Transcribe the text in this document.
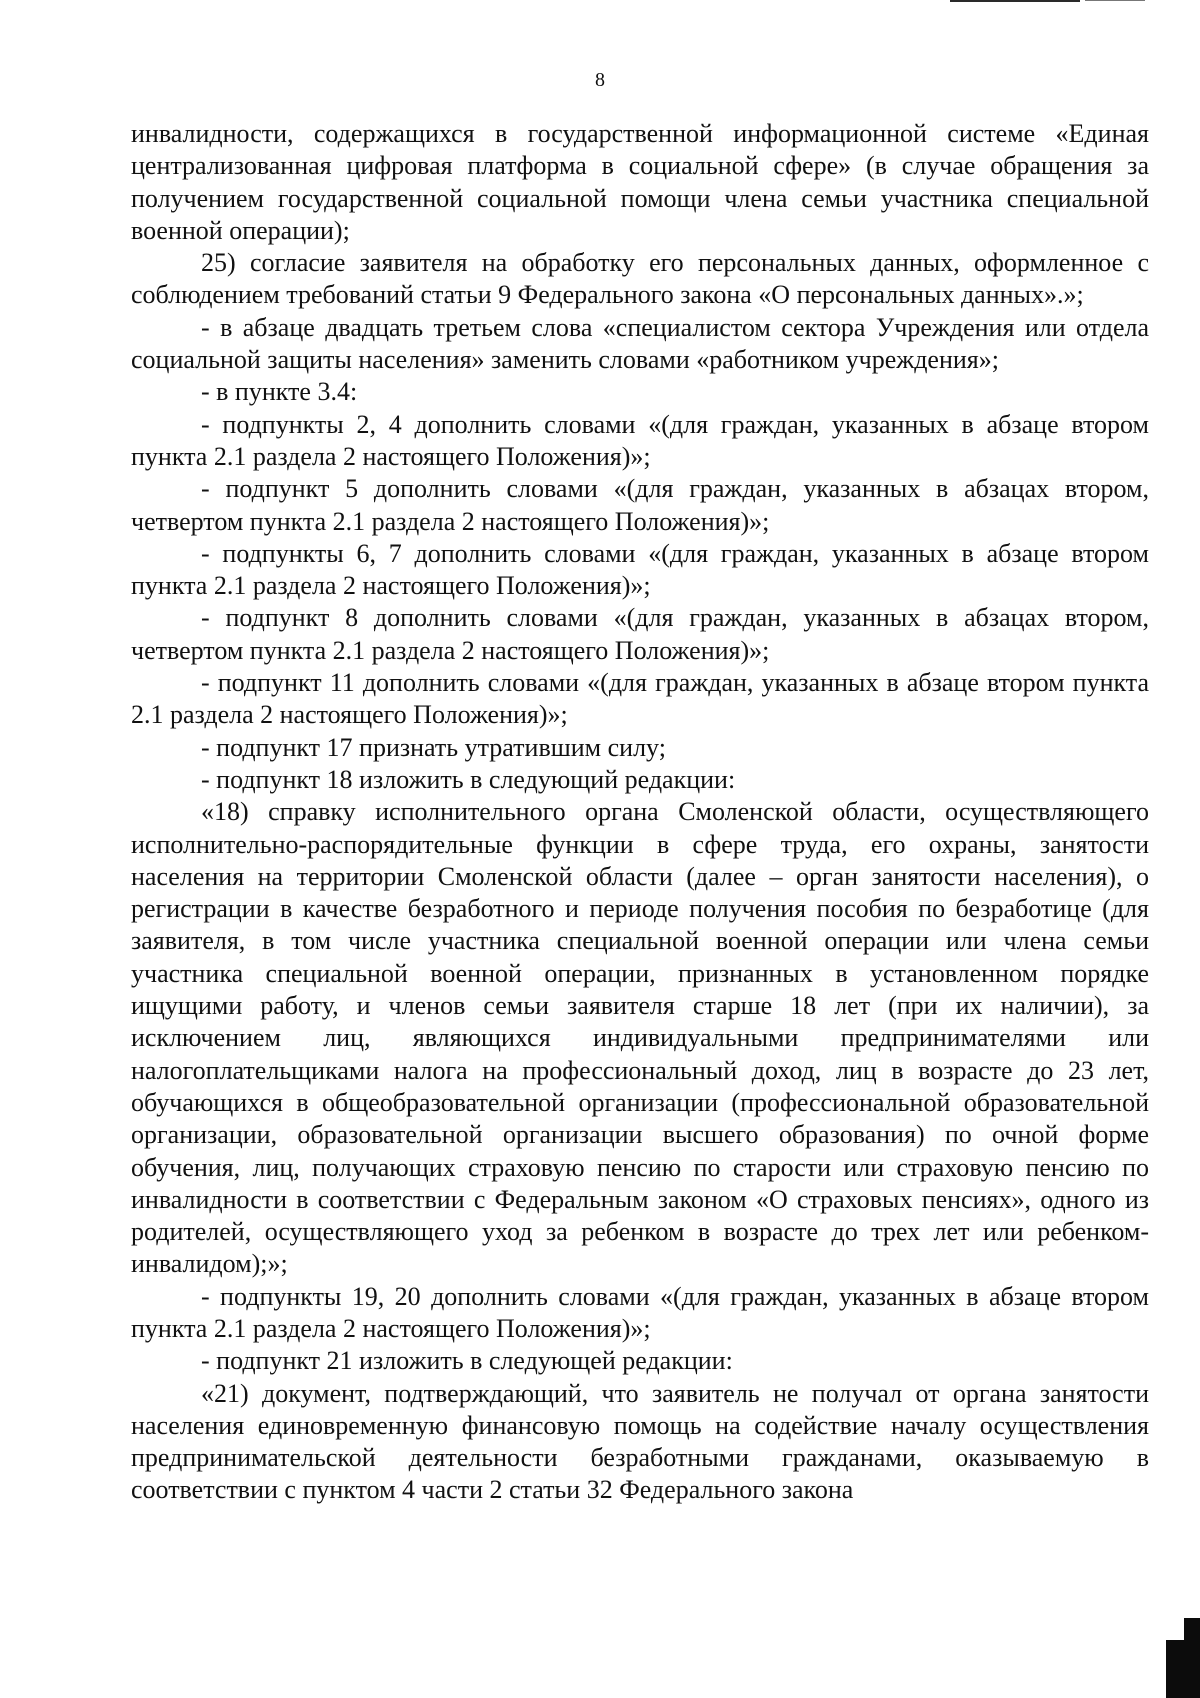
8

инвалидности, содержащихся в государственной информационной системе «Единая централизованная цифровая платформа в социальной сфере» (в случае обращения за получением государственной социальной помощи члена семьи участника специальной военной операции);

25) согласие заявителя на обработку его персональных данных, оформленное с соблюдением требований статьи 9 Федерального закона «О персональных данных».»;

- в абзаце двадцать третьем слова «специалистом сектора Учреждения или отдела социальной защиты населения» заменить словами «работником учреждения»;

- в пункте 3.4:

- подпункты 2, 4 дополнить словами «(для граждан, указанных в абзаце втором пункта 2.1 раздела 2 настоящего Положения)»;

- подпункт 5 дополнить словами «(для граждан, указанных в абзацах втором, четвертом пункта 2.1 раздела 2 настоящего Положения)»;

- подпункты 6, 7 дополнить словами «(для граждан, указанных в абзаце втором пункта 2.1 раздела 2 настоящего Положения)»;

- подпункт 8 дополнить словами «(для граждан, указанных в абзацах втором, четвертом пункта 2.1 раздела 2 настоящего Положения)»;

- подпункт 11 дополнить словами «(для граждан, указанных в абзаце втором пункта 2.1 раздела 2 настоящего Положения)»;

- подпункт 17 признать утратившим силу;

- подпункт 18 изложить в следующий редакции:

«18) справку исполнительного органа Смоленской области, осуществляющего исполнительно-распорядительные функции в сфере труда, его охраны, занятости населения на территории Смоленской области (далее – орган занятости населения), о регистрации в качестве безработного и периоде получения пособия по безработице (для заявителя, в том числе участника специальной военной операции или члена семьи участника специальной военной операции, признанных в установленном порядке ищущими работу, и членов семьи заявителя старше 18 лет (при их наличии), за исключением лиц, являющихся индивидуальными предпринимателями или налогоплательщиками налога на профессиональный доход, лиц в возрасте до 23 лет, обучающихся в общеобразовательной организации (профессиональной образовательной организации, образовательной организации высшего образования) по очной форме обучения, лиц, получающих страховую пенсию по старости или страховую пенсию по инвалидности в соответствии с Федеральным законом «О страховых пенсиях», одного из родителей, осуществляющего уход за ребенком в возрасте до трех лет или ребенком-инвалидом);»;

- подпункты 19, 20 дополнить словами «(для граждан, указанных в абзаце втором пункта 2.1 раздела 2 настоящего Положения)»;

- подпункт 21 изложить в следующей редакции:

«21) документ, подтверждающий, что заявитель не получал от органа занятости населения единовременную финансовую помощь на содействие началу осуществления предпринимательской деятельности безработными гражданами, оказываемую в соответствии с пунктом 4 части 2 статьи 32 Федерального закона
